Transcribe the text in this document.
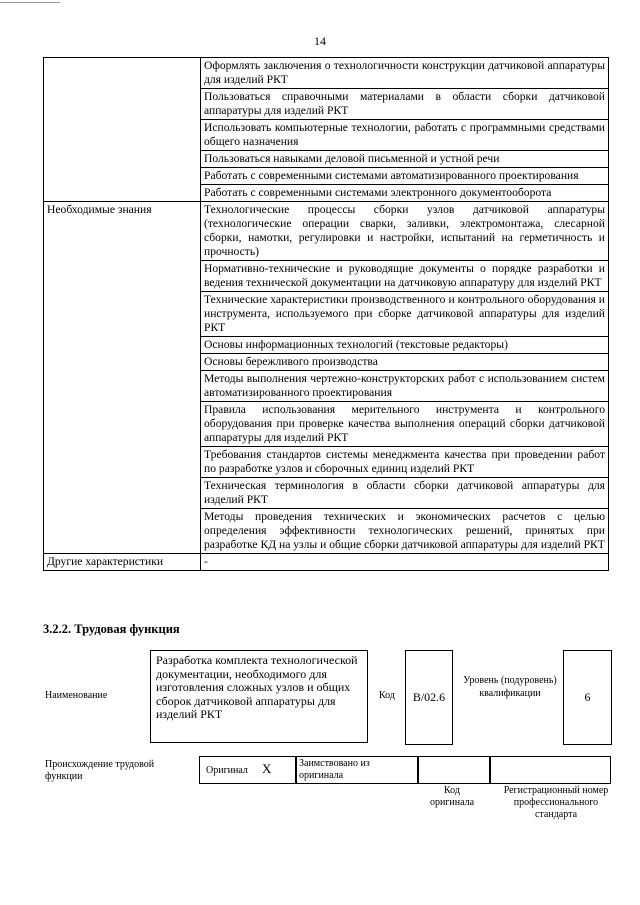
14
	Оформлять заключения о технологичности конструкции датчиковой аппаратуры для изделий РКТ
	Пользоваться справочными материалами в области сборки датчиковой аппаратуры для изделий РКТ
	Использовать компьютерные технологии, работать с программными средствами общего назначения
	Пользоваться навыками деловой письменной и устной речи
	Работать с современными системами автоматизированного проектирования
	Работать с современными системами электронного документооборота
Необходимые знания	Технологические процессы сборки узлов датчиковой аппаратуры (технологические операции сварки, заливки, электромонтажа, слесарной сборки, намотки, регулировки и настройки, испытаний на герметичность и прочность)
	Нормативно-технические и руководящие документы о порядке разработки и ведения технической документации на датчиковую аппаратуру для изделий РКТ
	Технические характеристики производственного и контрольного оборудования и инструмента, используемого при сборке датчиковой аппаратуры для изделий РКТ
	Основы информационных технологий (текстовые редакторы)
	Основы бережливого производства
	Методы выполнения чертежно-конструкторских работ с использованием систем автоматизированного проектирования
	Правила использования мерительного инструмента и контрольного оборудования при проверке качества выполнения операций сборки датчиковой аппаратуры для изделий РКТ
	Требования стандартов системы менеджмента качества при проведении работ по разработке узлов и сборочных единиц изделий РКТ
	Техническая терминология в области сборки датчиковой аппаратуры для изделий РКТ
	Методы проведения технических и экономических расчетов с целью определения эффективности технологических решений, принятых при разработке КД на узлы и общие сборки датчиковой аппаратуры для изделий РКТ
Другие характеристики	-
3.2.2. Трудовая функция
Наименование
Разработка комплекта технологической документации, необходимого для изготовления сложных узлов и общих сборок датчиковой аппаратуры для изделий РКТ
Код	B/02.6
Уровень (подуровень) квалификации	6
Происхождение трудовой функции
Оригинал X	Заимствовано из оригинала
Код оригинала
Регистрационный номер профессионального стандарта
